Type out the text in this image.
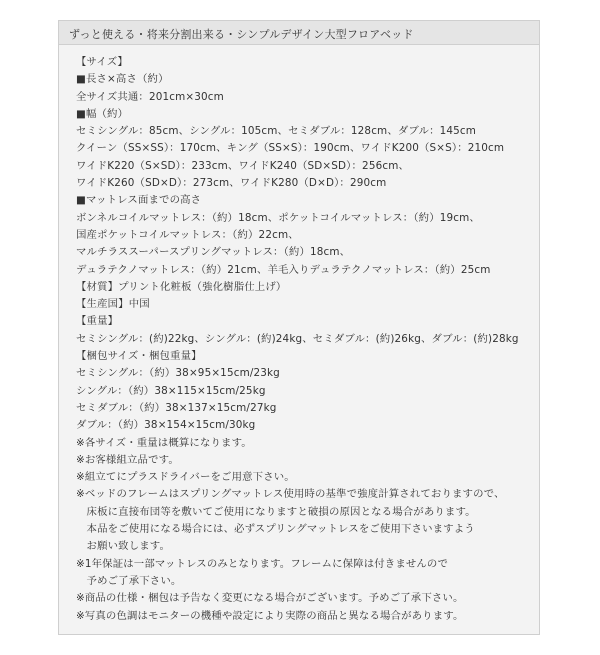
ずっと使える・将来分割出来る・シンプルデザイン大型フロアベッド
【サイズ】
■長さ×高さ（約）
全サイズ共通：201cm×30cm
■幅（約）
セミシングル：85cm、シングル：105cm、セミダブル：128cm、ダブル：145cm
クイーン（SS×SS）：170cm、キング（SS×S）：190cm、ワイドK200（S×S）：210cm
ワイドK220（S×SD）：233cm、ワイドK240（SD×SD）：256cm、
ワイドK260（SD×D）：273cm、ワイドK280（D×D）：290cm
■マットレス面までの高さ
ボンネルコイルマットレス：（約）18cm、ポケットコイルマットレス：（約）19cm、
国産ポケットコイルマットレス：（約）22cm、
マルチラススーパースプリングマットレス：（約）18cm、
デュラテクノマットレス：（約）21cm、羊毛入りデュラテクノマットレス：（約）25cm
【材質】プリント化粧板（強化樹脂仕上げ）
【生産国】中国
【重量】
セミシングル：(約)22kg、シングル：(約)24kg、セミダブル：(約)26kg、ダブル：(約)28kg
【梱包サイズ・梱包重量】
セミシングル：（約）38×95×15cm/23kg
シングル：（約）38×115×15cm/25kg
セミダブル：（約）38×137×15cm/27kg
ダブル：（約）38×154×15cm/30kg
※各サイズ・重量は概算になります。
※お客様組立品です。
※組立てにプラスドライバーをご用意下さい。
※ベッドのフレームはスプリングマットレス使用時の基準で強度計算されておりますので、
　床板に直接布団等を敷いてご使用になりますと破損の原因となる場合があります。
　本品をご使用になる場合には、必ずスプリングマットレスをご使用下さいますよう
　お願い致します。
※1年保証は一部マットレスのみとなります。フレームに保障は付きませんので
　予めご了承下さい。
※商品の仕様・梱包は予告なく変更になる場合がございます。予めご了承下さい。
※写真の色調はモニターの機種や設定により実際の商品と異なる場合があります。
